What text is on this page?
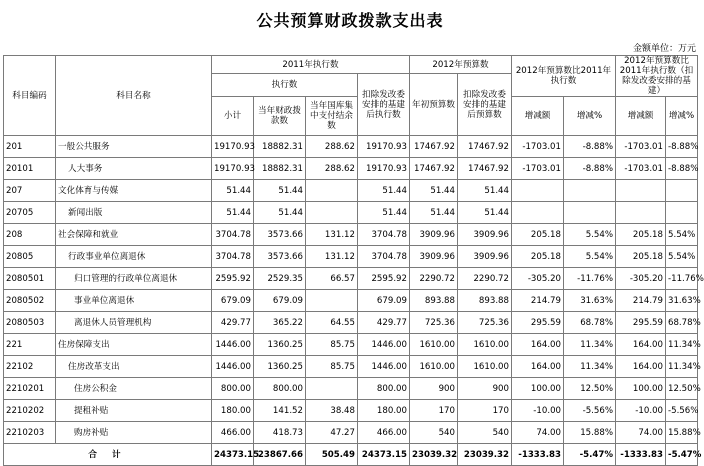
公共预算财政拨款支出表
金额单位：万元
科目编码	科目名称	2011年执行数				2012年预算数		2012年预算数比2011年执行数		2012年预算数比2011年执行数（扣除发改委安排的基建）	
		执行数			扣除发改委安排的基建后执行数	年初预算数	扣除发改委安排的基建后预算数				
		小计	当年财政拨款数	当年国库集中支付结余数				增减额	增减%	增减额	增减%
201	一般公共服务	19170.93	18882.31	288.62	19170.93	17467.92	17467.92	-1703.01	-8.88%	-1703.01	-8.88%
20101	人大事务	19170.93	18882.31	288.62	19170.93	17467.92	17467.92	-1703.01	-8.88%	-1703.01	-8.88%
207	文化体育与传媒	51.44	51.44		51.44	51.44	51.44				
20705	新闻出版	51.44	51.44		51.44	51.44	51.44				
208	社会保障和就业	3704.78	3573.66	131.12	3704.78	3909.96	3909.96	205.18	5.54%	205.18	5.54%
20805	行政事业单位离退休	3704.78	3573.66	131.12	3704.78	3909.96	3909.96	205.18	5.54%	205.18	5.54%
2080501	归口管理的行政单位离退休	2595.92	2529.35	66.57	2595.92	2290.72	2290.72	-305.20	-11.76%	-305.20	-11.76%
2080502	事业单位离退休	679.09	679.09		679.09	893.88	893.88	214.79	31.63%	214.79	31.63%
2080503	离退休人员管理机构	429.77	365.22	64.55	429.77	725.36	725.36	295.59	68.78%	295.59	68.78%
221	住房保障支出	1446.00	1360.25	85.75	1446.00	1610.00	1610.00	164.00	11.34%	164.00	11.34%
22102	住房改革支出	1446.00	1360.25	85.75	1446.00	1610.00	1610.00	164.00	11.34%	164.00	11.34%
2210201	住房公积金	800.00	800.00		800.00	900	900	100.00	12.50%	100.00	12.50%
2210202	提租补贴	180.00	141.52	38.48	180.00	170	170	-10.00	-5.56%	-10.00	-5.56%
2210203	购房补贴	466.00	418.73	47.27	466.00	540	540	74.00	15.88%	74.00	15.88%
合 计		24373.15	23867.66	505.49	24373.15	23039.32	23039.32	-1333.83	-5.47%	-1333.83	-5.47%
